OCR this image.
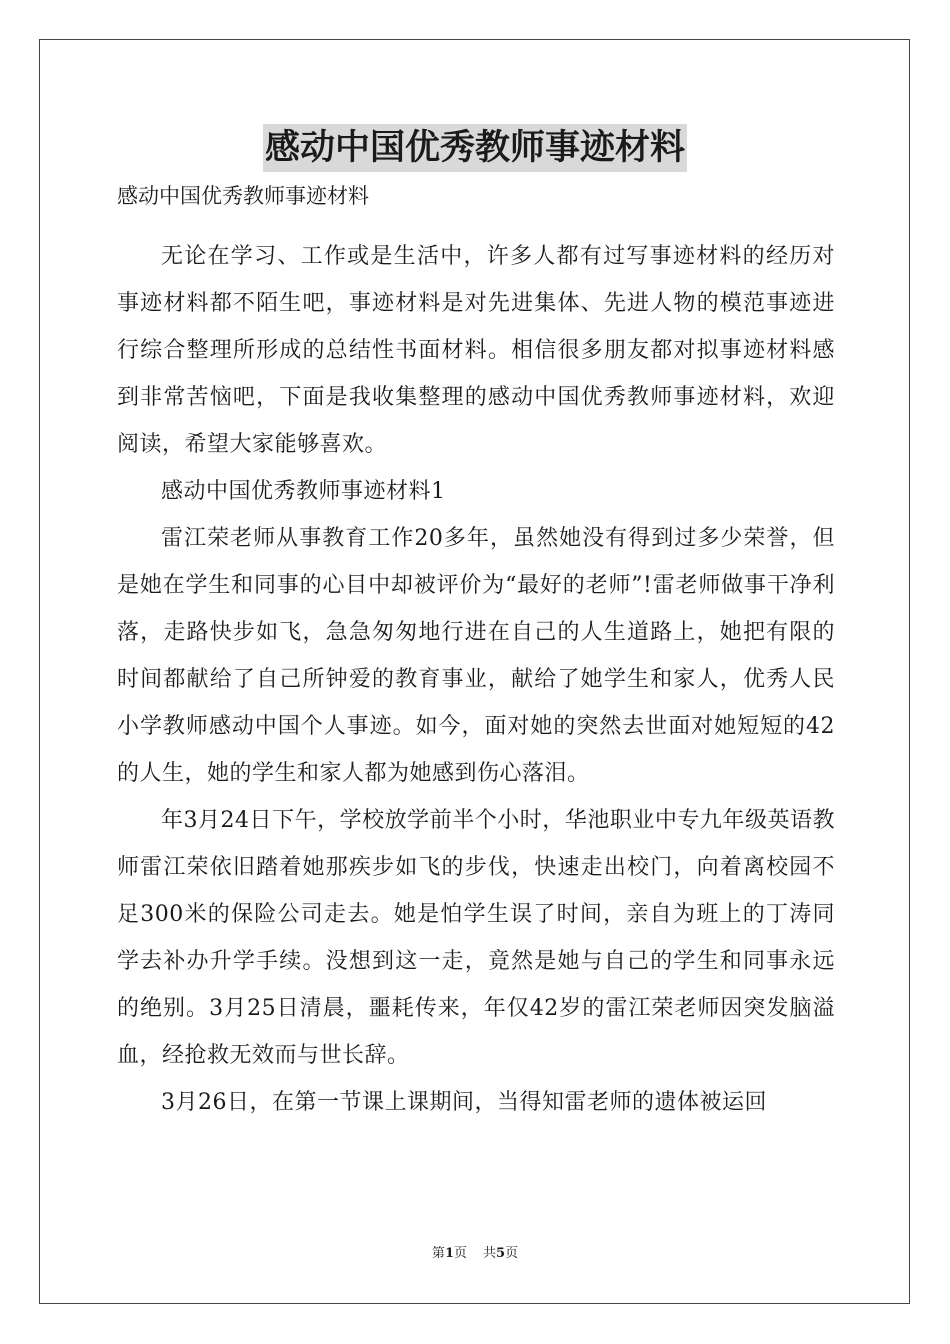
感动中国优秀教师事迹材料

感动中国优秀教师事迹材料

无论在学习、工作或是生活中，许多人都有过写事迹材料的经历对事迹材料都不陌生吧，事迹材料是对先进集体、先进人物的模范事迹进行综合整理所形成的总结性书面材料。相信很多朋友都对拟事迹材料感到非常苦恼吧，下面是我收集整理的感动中国优秀教师事迹材料，欢迎阅读，希望大家能够喜欢。

感动中国优秀教师事迹材料1

雷江荣老师从事教育工作20多年，虽然她没有得到过多少荣誉，但是她在学生和同事的心目中却被评价为“最好的老师”!雷老师做事干净利落，走路快步如飞，急急匆匆地行进在自己的人生道路上，她把有限的时间都献给了自己所钟爱的教育事业，献给了她学生和家人，优秀人民小学教师感动中国个人事迹。如今，面对她的突然去世面对她短短的42的人生，她的学生和家人都为她感到伤心落泪。

年3月24日下午，学校放学前半个小时，华池职业中专九年级英语教师雷江荣依旧踏着她那疾步如飞的步伐，快速走出校门，向着离校园不足300米的保险公司走去。她是怕学生误了时间，亲自为班上的丁涛同学去补办升学手续。没想到这一走，竟然是她与自己的学生和同事永远的绝别。3月25日清晨，噩耗传来，年仅42岁的雷江荣老师因突发脑溢血，经抢救无效而与世长辞。

3月26日，在第一节课上课期间，当得知雷老师的遗体被运回

第1页 共5页
